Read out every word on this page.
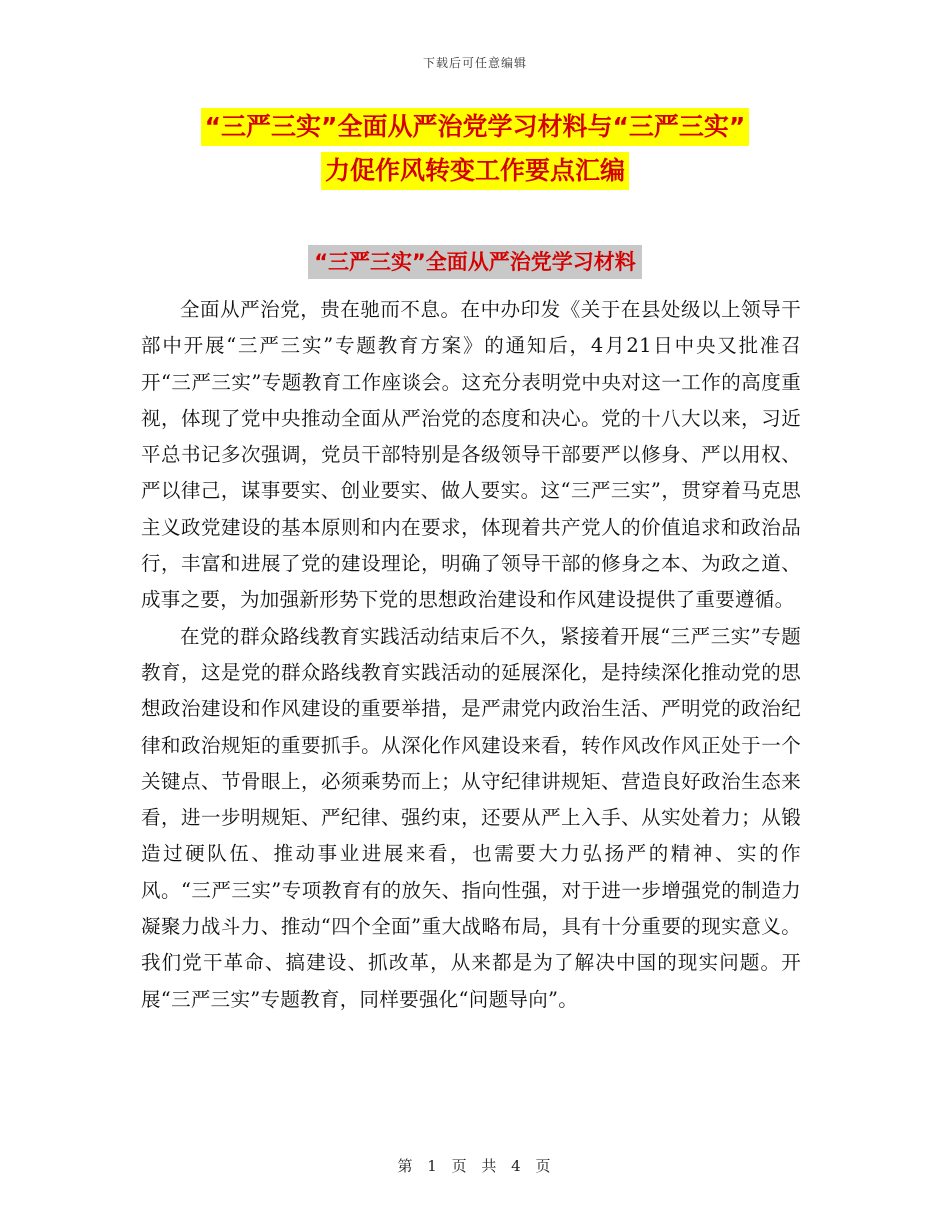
下载后可任意编辑
“三严三实”全面从严治党学习材料与“三严三实”
力促作风转变工作要点汇编
“三严三实”全面从严治党学习材料

全面从严治党，贵在驰而不息。在中办印发《关于在县处级以上领导干部中开展“三严三实”专题教育方案》的通知后，4月21日中央又批准召开“三严三实”专题教育工作座谈会。这充分表明党中央对这一工作的高度重视，体现了党中央推动全面从严治党的态度和决心。党的十八大以来，习近平总书记多次强调，党员干部特别是各级领导干部要严以修身、严以用权、严以律己，谋事要实、创业要实、做人要实。这“三严三实”，贯穿着马克思主义政党建设的基本原则和内在要求，体现着共产党人的价值追求和政治品行，丰富和进展了党的建设理论，明确了领导干部的修身之本、为政之道、成事之要，为加强新形势下党的思想政治建设和作风建设提供了重要遵循。

在党的群众路线教育实践活动结束后不久，紧接着开展“三严三实”专题教育，这是党的群众路线教育实践活动的延展深化，是持续深化推动党的思想政治建设和作风建设的重要举措，是严肃党内政治生活、严明党的政治纪律和政治规矩的重要抓手。从深化作风建设来看，转作风改作风正处于一个关键点、节骨眼上，必须乘势而上；从守纪律讲规矩、营造良好政治生态来看，进一步明规矩、严纪律、强约束，还要从严上入手、从实处着力；从锻造过硬队伍、推动事业进展来看，也需要大力弘扬严的精神、实的作风。“三严三实”专项教育有的放矢、指向性强，对于进一步增强党的制造力凝聚力战斗力、推动“四个全面”重大战略布局，具有十分重要的现实意义。我们党干革命、搞建设、抓改革，从来都是为了解决中国的现实问题。开展“三严三实”专题教育，同样要强化“问题导向”。

第 1 页 共 4 页
